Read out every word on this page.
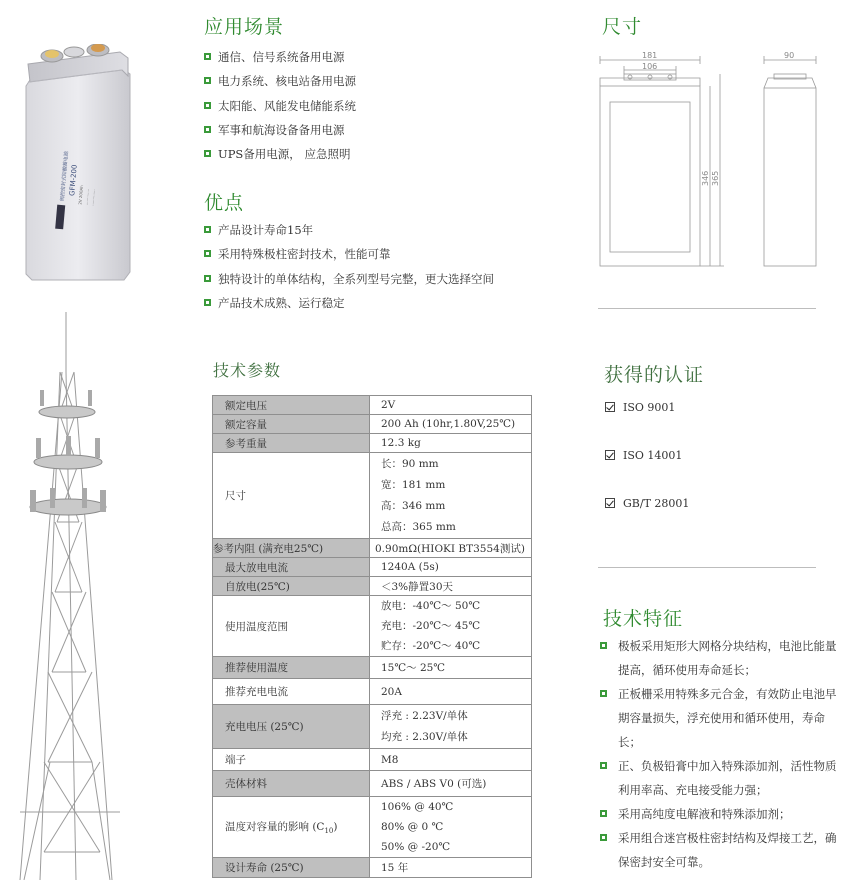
阀控密封式铅酸蓄电池
GFM-200
2V 200Ah ............. .............
应用场景
通信、信号系统备用电源
电力系统、核电站备用电源
太阳能、风能发电储能系统
军事和航海设备备用电源
UPS备用电源， 应急照明
优点
产品设计寿命15年
采用特殊极柱密封技术，性能可靠
独特设计的单体结构，全系列型号完整，更大选择空间
产品技术成熟、运行稳定
尺寸
181
106
90
346 365
技术参数
额定电压	2V

额定容量	200 Ah (10hr,1.80V,25℃)

参考重量	12.3 kg

尺寸	长：90 mm
宽：181 mm
高：346 mm
总高：365 mm

参考内阻 (满充电25℃)	0.90mΩ(HIOKI BT3554测试)

最大放电电流	1240A (5s)

自放电(25℃)	＜3%静置30天

使用温度范围	放电：-40℃～ 50℃
充电：-20℃～ 45℃
贮存：-20℃～ 40℃

推荐使用温度	15℃～ 25℃

推荐充电电流	20A

充电电压 (25℃)	浮充 : 2.23V/单体
均充 : 2.30V/单体

端子	M8

壳体材料	ABS / ABS V0 (可选)

温度对容量的影响 $(C_{10})$	106% @ 40℃
80% @ 0 ℃
50% @ -20℃

设计寿命 (25℃)	15 年
获得的认证
ISO 9001
ISO 14001
GB/T 28001
技术特征
极板采用矩形大网格分块结构，电池比能量提高，循环使用寿命延长；
正板栅采用特殊多元合金，有效防止电池早期容量损失，浮充使用和循环使用，寿命长；
正、负极铅膏中加入特殊添加剂，活性物质利用率高、充电接受能力强；
采用高纯度电解液和特殊添加剂；
采用组合迷宫极柱密封结构及焊接工艺，确保密封安全可靠。
